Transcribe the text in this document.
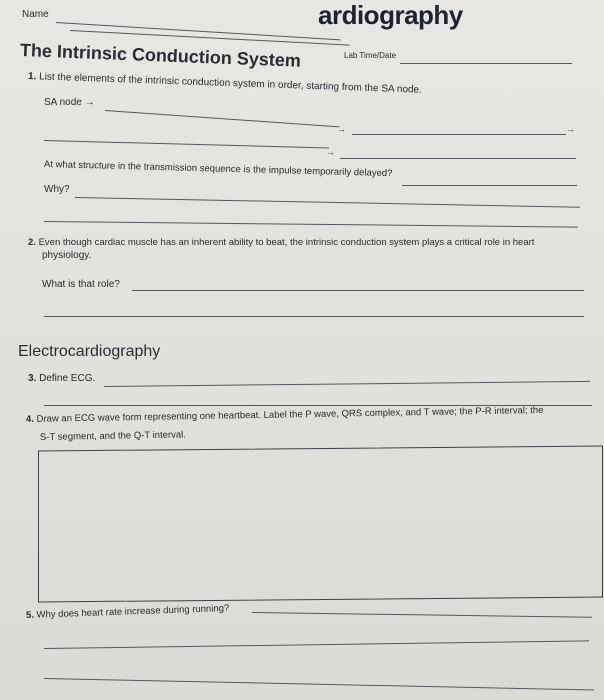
ardiography
Name
Lab Time/Date
The Intrinsic Conduction System
1. List the elements of the intrinsic conduction system in order, starting from the SA node.
SA node →
→	→
→
At what structure in the transmission sequence is the impulse temporarily delayed?
Why?
2. Even though cardiac muscle has an inherent ability to beat, the intrinsic conduction system plays a critical role in heart
physiology.
What is that role?
Electrocardiography
3. Define ECG.
4. Draw an ECG wave form representing one heartbeat. Label the P wave, QRS complex, and T wave; the P-R interval; the
S-T segment, and the Q-T interval.
5. Why does heart rate increase during running?
